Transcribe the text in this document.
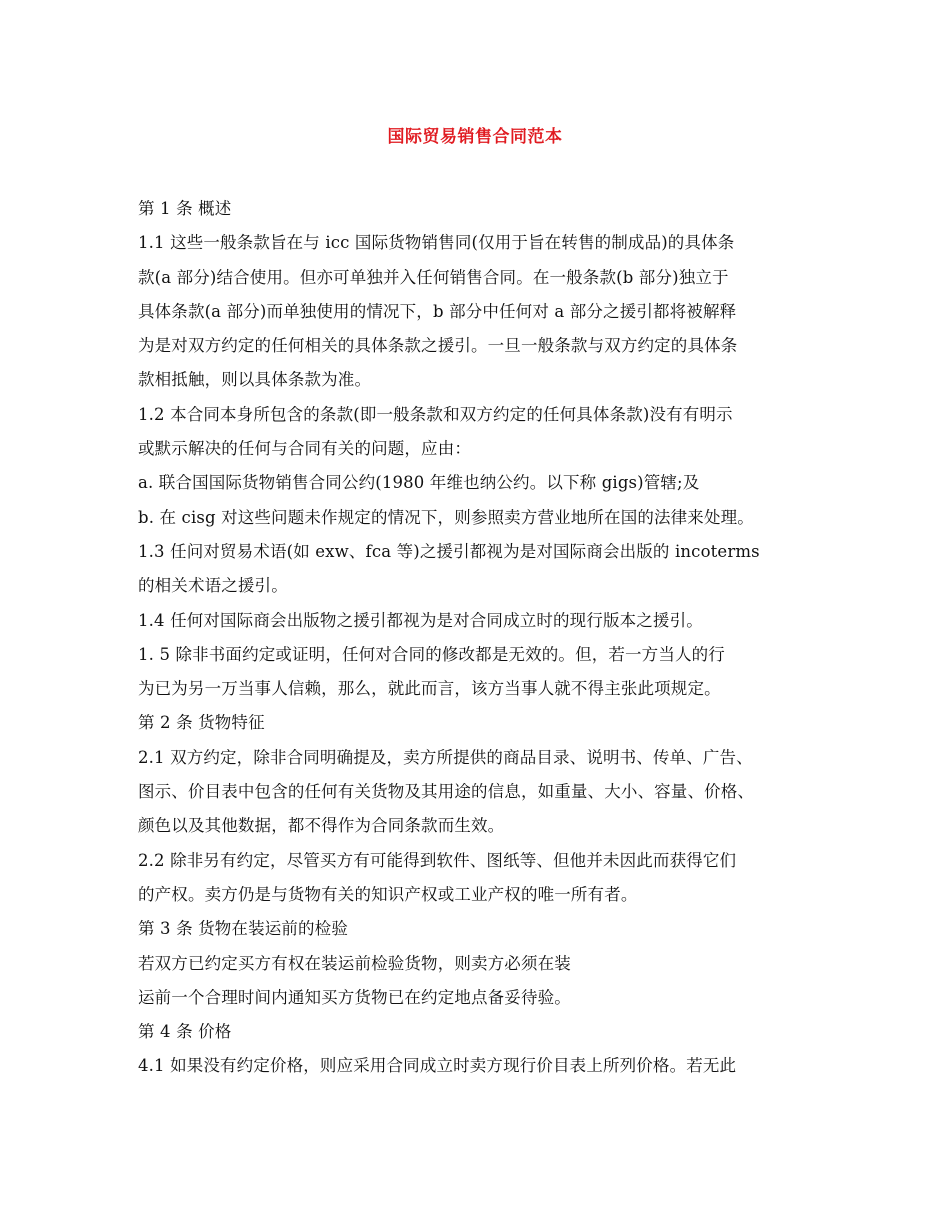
国际贸易销售合同范本
第 1 条 概述
1.1 这些一般条款旨在与 icc 国际货物销售同(仅用于旨在转售的制成品)的具体条
款(a 部分)结合使用。但亦可单独并入任何销售合同。在一般条款(b 部分)独立于
具体条款(a 部分)而单独使用的情况下，b 部分中任何对 a 部分之援引都将被解释
为是对双方约定的任何相关的具体条款之援引。一旦一般条款与双方约定的具体条
款相抵触，则以具体条款为准。
1.2 本合同本身所包含的条款(即一般条款和双方约定的任何具体条款)没有有明示
或默示解决的任何与合同有关的问题，应由：
a. 联合国国际货物销售合同公约(1980 年维也纳公约。以下称 gigs)管辖;及
b. 在 cisg 对这些问题未作规定的情况下，则参照卖方营业地所在国的法律来处理。
1.3 任问对贸易术语(如 exw、fca 等)之援引都视为是对国际商会出版的 incoterms
的相关术语之援引。
1.4 任何对国际商会出版物之援引都视为是对合同成立时的现行版本之援引。
1. 5 除非书面约定或证明，任何对合同的修改都是无效的。但，若一方当人的行
为已为另一万当事人信赖，那么，就此而言，该方当事人就不得主张此项规定。
第 2 条 货物特征
2.1 双方约定，除非合同明确提及，卖方所提供的商品目录、说明书、传单、广告、
图示、价目表中包含的任何有关货物及其用途的信息，如重量、大小、容量、价格、
颜色以及其他数据，都不得作为合同条款而生效。
2.2 除非另有约定，尽管买方有可能得到软件、图纸等、但他并未因此而获得它们
的产权。卖方仍是与货物有关的知识产权或工业产权的唯一所有者。
第 3 条 货物在装运前的检验
若双方已约定买方有权在装运前检验货物，则卖方必须在装
运前一个合理时间内通知买方货物已在约定地点备妥待验。
第 4 条 价格
4.1 如果没有约定价格，则应采用合同成立时卖方现行价目表上所列价格。若无此
